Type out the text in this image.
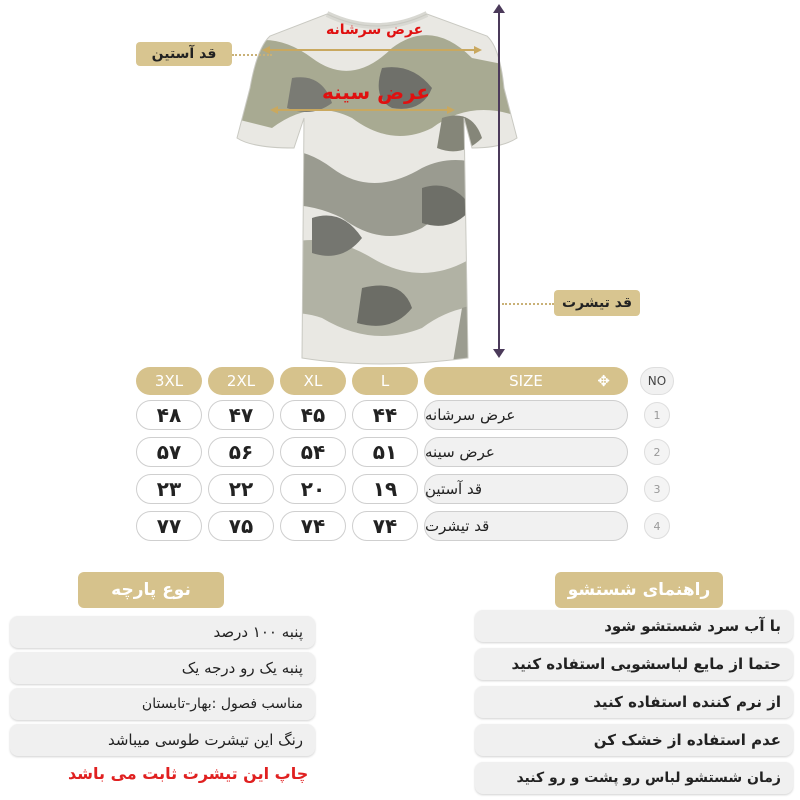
عرض سرشانه
عرض سینه
قد آستین
قد تیشرت
3XL	2XL	XL	L	SIZE	✥	NO
۴۸	۴۷	۴۵	۴۴	عرض سرشانه	1
۵۷	۵۶	۵۴	۵۱	عرض سینه	2
۲۳	۲۲	۲۰	۱۹	قد آستین	3
۷۷	۷۵	۷۴	۷۴	قد تیشرت	4
نوع پارچه
پنبه ۱۰۰ درصد
پنبه یک رو درجه یک
مناسب فصول :بهار-تابستان
رنگ این تیشرت طوسی میباشد
چاپ این تیشرت ثابت می باشد
راهنمای شستشو
با آب سرد شستشو شود
حتما از مایع لباسشویی استفاده کنید
از نرم کننده استفاده کنید
عدم استفاده از خشک کن
زمان شستشو لباس رو پشت و رو کنید
